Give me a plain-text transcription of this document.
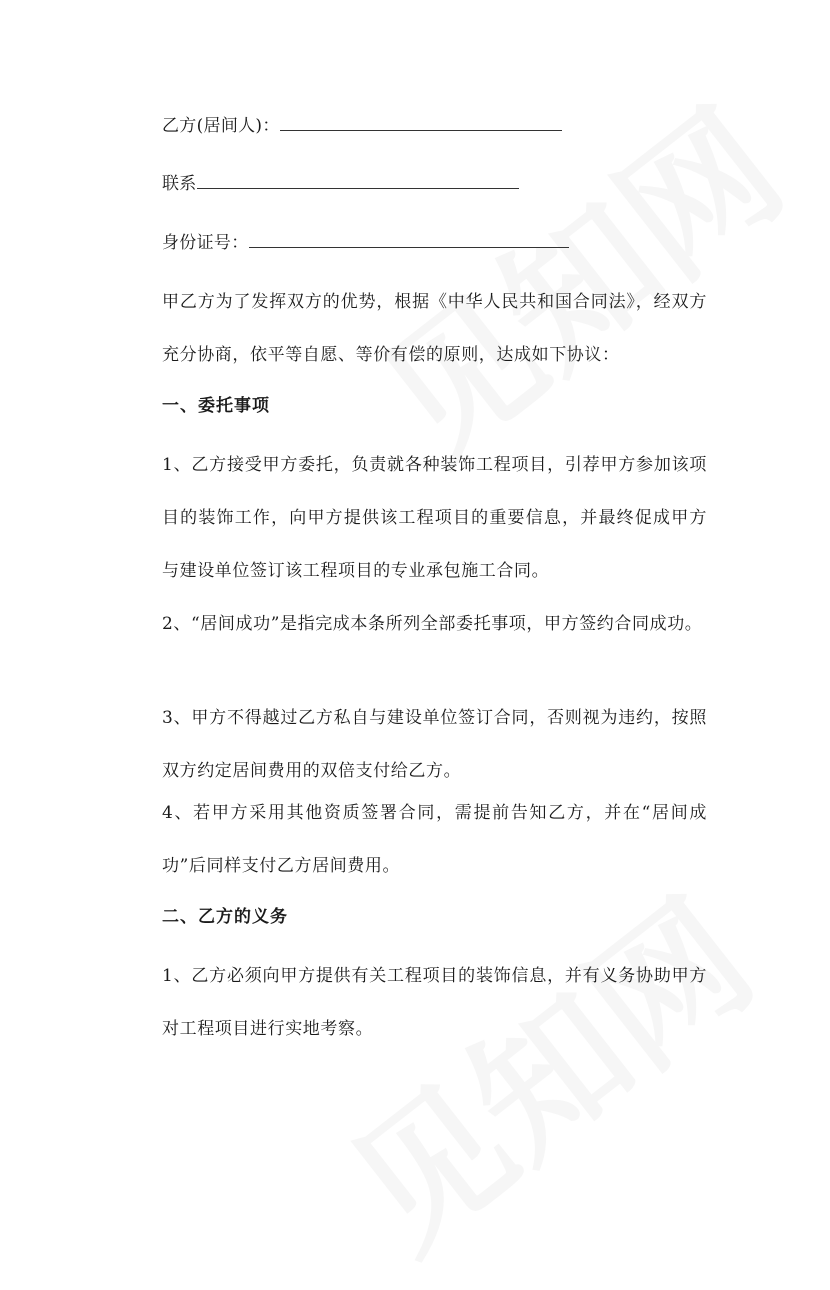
乙方(居间人)：
联系
身份证号：
甲乙方为了发挥双方的优势，根据《中华人民共和国合同法》，经双方充分协商，依平等自愿、等价有偿的原则，达成如下协议：
一、委托事项
1、乙方接受甲方委托，负责就各种装饰工程项目，引荐甲方参加该项目的装饰工作，向甲方提供该工程项目的重要信息，并最终促成甲方与建设单位签订该工程项目的专业承包施工合同。
2、“居间成功”是指完成本条所列全部委托事项，甲方签约合同成功。
3、甲方不得越过乙方私自与建设单位签订合同，否则视为违约，按照双方约定居间费用的双倍支付给乙方。
4、若甲方采用其他资质签署合同，需提前告知乙方，并在“居间成功”后同样支付乙方居间费用。
二、乙方的义务
1、乙方必须向甲方提供有关工程项目的装饰信息，并有义务协助甲方对工程项目进行实地考察。
